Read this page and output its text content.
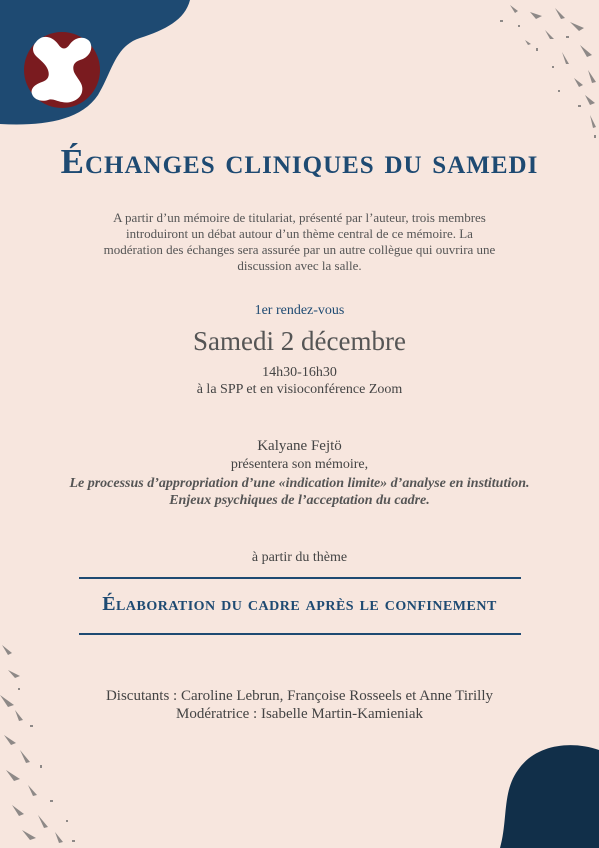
Échanges cliniques du samedi
A partir d’un mémoire de titulariat, présenté par l’auteur, trois membres introduiront un débat autour d’un thème central de ce mémoire. La modération des échanges sera assurée par un autre collègue qui ouvrira une discussion avec la salle.
1er rendez-vous
Samedi 2 décembre
14h30-16h30
à la SPP et en visioconférence Zoom
Kalyane Fejtö
présentera son mémoire,
Le processus d’appropriation d’une «indication limite» d’analyse en institution.
Enjeux psychiques de l’acceptation du cadre.
à partir du thème
Élaboration du cadre après le confinement
Discutants : Caroline Lebrun, Françoise Rosseels et Anne Tirilly
Modératrice : Isabelle Martin-Kamieniak
